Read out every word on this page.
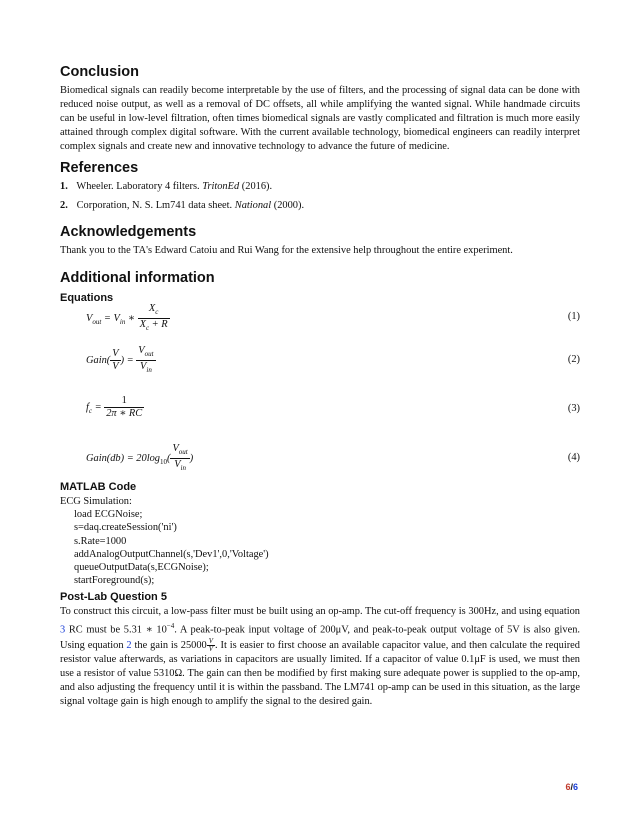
Conclusion
Biomedical signals can readily become interpretable by the use of filters, and the processing of signal data can be done with reduced noise output, as well as a removal of DC offsets, all while amplifying the wanted signal. While handmade circuits can be useful in low-level filtration, often times biomedical signals are vastly complicated and filtration is much more easily attained through complex digital software. With the current available technology, biomedical engineers can readily interpret complex signals and create new and innovative technology to advance the future of medicine.
References
1. Wheeler. Laboratory 4 filters. TritonEd (2016).
2. Corporation, N. S. Lm741 data sheet. National (2000).
Acknowledgements
Thank you to the TA's Edward Catoiu and Rui Wang for the extensive help throughout the entire experiment.
Additional information
Equations
$V_{out} = V_{in}$ ∗ $\frac{X_c}{X_c + R}$	(1)
Gain( $\frac{V}{V}$ ) = $\frac{V_{out}}{V_{in}}$	(2)
$f_c = \frac{1}{2\pi ∗ RC}$	(3)
Gain(db) = $20\log_{10}( \frac{V_{out}}{V_{in}}$ )	(4)
MATLAB Code
ECG Simulation:
load ECGNoise;
s=daq.createSession('ni')
s.Rate=1000
addAnalogOutputChannel(s,'Dev1',0,'Voltage')
queueOutputData(s,ECGNoise);
startForeground(s);
Post-Lab Question 5
To construct this circuit, a low-pass filter must be built using an op-amp. The cut-off frequency is 300Hz, and using equation 3 RC must be 5.31 ∗ $10^{-4}$. A peak-to-peak input voltage of 200μV, and peak-to-peak output voltage of 5V is also given. Using equation 2 the gain is $25000 \frac{V}{V}$ . It is easier to first choose an available capacitor value, and then calculate the required resistor value afterwards, as variations in capacitors are usually limited. If a capacitor of value 0.1μF is used, we must then use a resistor of value 5310Ω. The gain can then be modified by first making sure adequate power is supplied to the op-amp, and also adjusting the frequency until it is within the passband. The LM741 op-amp can be used in this situation, as the large signal voltage gain is high enough to amplify the signal to the desired gain.
6/6
